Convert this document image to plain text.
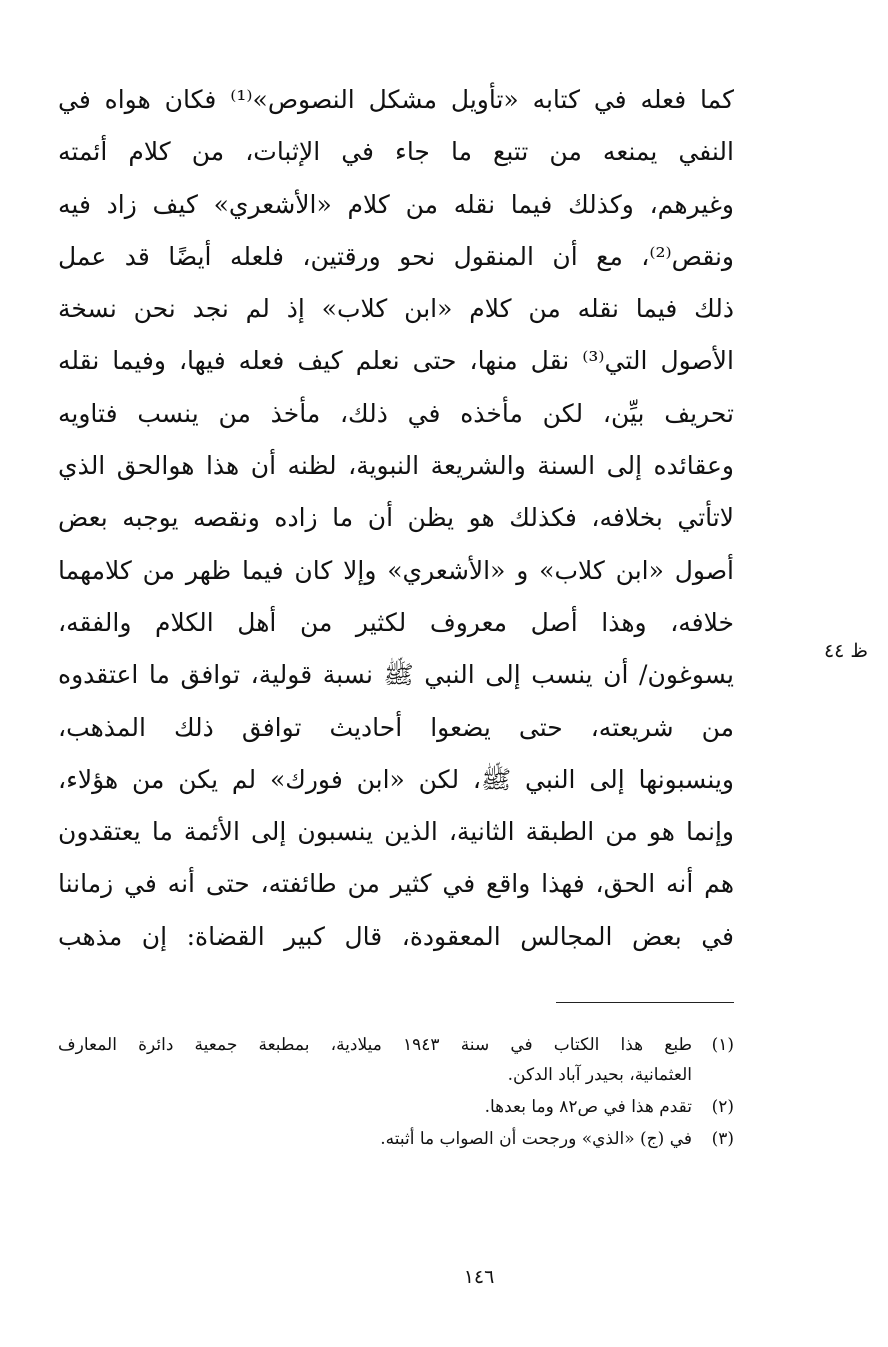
كما فعله في كتابه «تأويل مشكل النصوص»⁽¹⁾ فكان هواه في
النفي يمنعه من تتبع ما جاء في الإثبات، من كلام أئمته
وغيرهم، وكذلك فيما نقله من كلام «الأشعري» كيف زاد فيه
ونقص⁽²⁾، مع أن المنقول نحو ورقتين، فلعله أيضًا قد عمل
ذلك فيما نقله من كلام «ابن كلاب» إذ لم نجد نحن نسخة
الأصول التي⁽³⁾ نقل منها، حتى نعلم كيف فعله فيها، وفيما نقله
تحريف بيِّن، لكن مأخذه في ذلك، مأخذ من ينسب فتاويه
وعقائده إلى السنة والشريعة النبوية، لظنه أن هذا هوالحق الذي
لاتأتي بخلافه، فكذلك هو يظن أن ما زاده ونقصه يوجبه بعض
أصول «ابن كلاب» و «الأشعري» وإلا كان فيما ظهر من كلامهما
خلافه، وهذا أصل معروف لكثير من أهل الكلام والفقه،
يسوغون/ أن ينسب إلى النبي ﷺ نسبة قولية، توافق ما اعتقدوه
من شريعته، حتى يضعوا أحاديث توافق ذلك المذهب،
وينسبونها إلى النبي ﷺ، لكن «ابن فورك» لم يكن من هؤلاء،
وإنما هو من الطبقة الثانية، الذين ينسبون إلى الأئمة ما يعتقدون
هم أنه الحق، فهذا واقع في كثير من طائفته، حتى أنه في زماننا
في بعض المجالس المعقودة، قال كبير القضاة: إن مذهب
ظ ٤٤
(١)
طبع هذا الكتاب في سنة ١٩٤٣ ميلادية، بمطبعة جمعية دائرة المعارف
العثمانية، بحيدر آباد الدكن.
(٢)
تقدم هذا في ص٨٢ وما بعدها.
(٣)
في (ج) «الذي» ورجحت أن الصواب ما أثبته.
١٤٦
